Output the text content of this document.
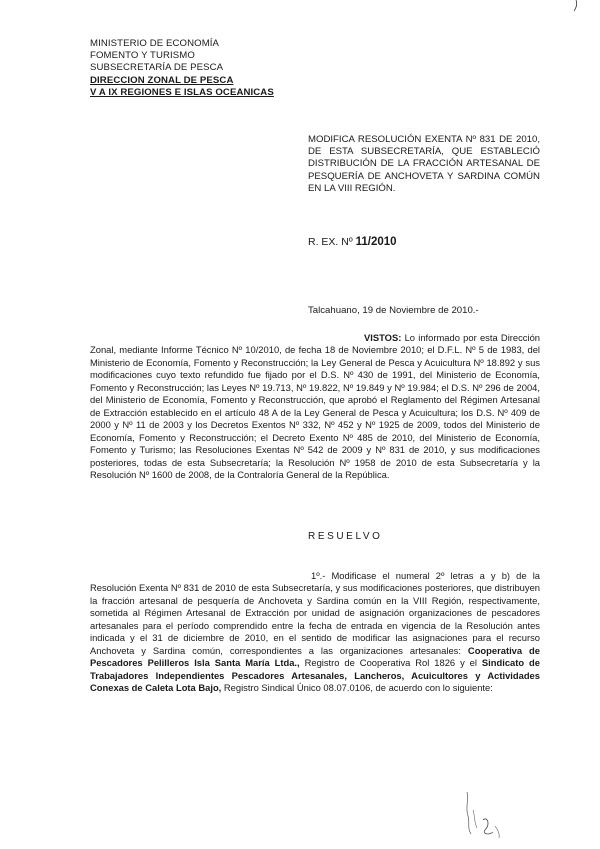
MINISTERIO DE ECONOMÍA
FOMENTO Y TURISMO
SUBSECRETARÍA DE PESCA
DIRECCION ZONAL DE PESCA
V A IX REGIONES E ISLAS OCEANICAS
MODIFICA RESOLUCIÓN EXENTA Nº 831 DE 2010, DE ESTA SUBSECRETARÍA, QUE ESTABLECIÓ DISTRIBUCIÓN DE LA FRACCIÓN ARTESANAL DE PESQUERÍA DE ANCHOVETA Y SARDINA COMÚN EN LA VIII REGIÓN.
R. EX. Nº 11/2010
Talcahuano, 19 de Noviembre de 2010.-
VISTOS: Lo informado por esta Dirección Zonal, mediante Informe Técnico Nº 10/2010, de fecha 18 de Noviembre 2010; el D.F.L. Nº 5 de 1983, del Ministerio de Economía, Fomento y Reconstrucción; la Ley General de Pesca y Acuicultura Nº 18.892 y sus modificaciones cuyo texto refundido fue fijado por el D.S. Nº 430 de 1991, del Ministerio de Economía, Fomento y Reconstrucción; las Leyes Nº 19.713, Nº 19.822, Nº 19.849 y Nº 19.984; el D.S. Nº 296 de 2004, del Ministerio de Economía, Fomento y Reconstrucción, que aprobó el Reglamento del Régimen Artesanal de Extracción establecido en el artículo 48 A de la Ley General de Pesca y Acuicultura; los D.S. Nº 409 de 2000 y Nº 11 de 2003 y los Decretos Exentos Nº 332, Nº 452 y Nº 1925 de 2009, todos del Ministerio de Economía, Fomento y Reconstrucción; el Decreto Exento Nº 485 de 2010, del Ministerio de Economía, Fomento y Turismo; las Resoluciones Exentas Nº 542 de 2009 y Nº 831 de 2010, y sus modificaciones posteriores, todas de esta Subsecretaría; la Resolución Nº 1958 de 2010 de esta Subsecretaría y la Resolución Nº 1600 de 2008, de la Contraloría General de la República.
RESUELVO
1º.- Modificase el numeral 2º letras a y b) de la Resolución Exenta Nº 831 de 2010 de esta Subsecretaría, y sus modificaciones posteriores, que distribuyen la fracción artesanal de pesquería de Anchoveta y Sardina común en la VIII Región, respectivamente, sometida al Régimen Artesanal de Extracción por unidad de asignación organizaciones de pescadores artesanales para el período comprendido entre la fecha de entrada en vigencia de la Resolución antes indicada y el 31 de diciembre de 2010, en el sentido de modificar las asignaciones para el recurso Anchoveta y Sardina común, correspondientes a las organizaciones artesanales: Cooperativa de Pescadores Pelilleros Isla Santa María Ltda., Registro de Cooperativa Rol 1826 y el Sindicato de Trabajadores Independientes Pescadores Artesanales, Lancheros, Acuicultores y Actividades Conexas de Caleta Lota Bajo, Registro Sindical Único 08.07.0106, de acuerdo con lo siguiente:
